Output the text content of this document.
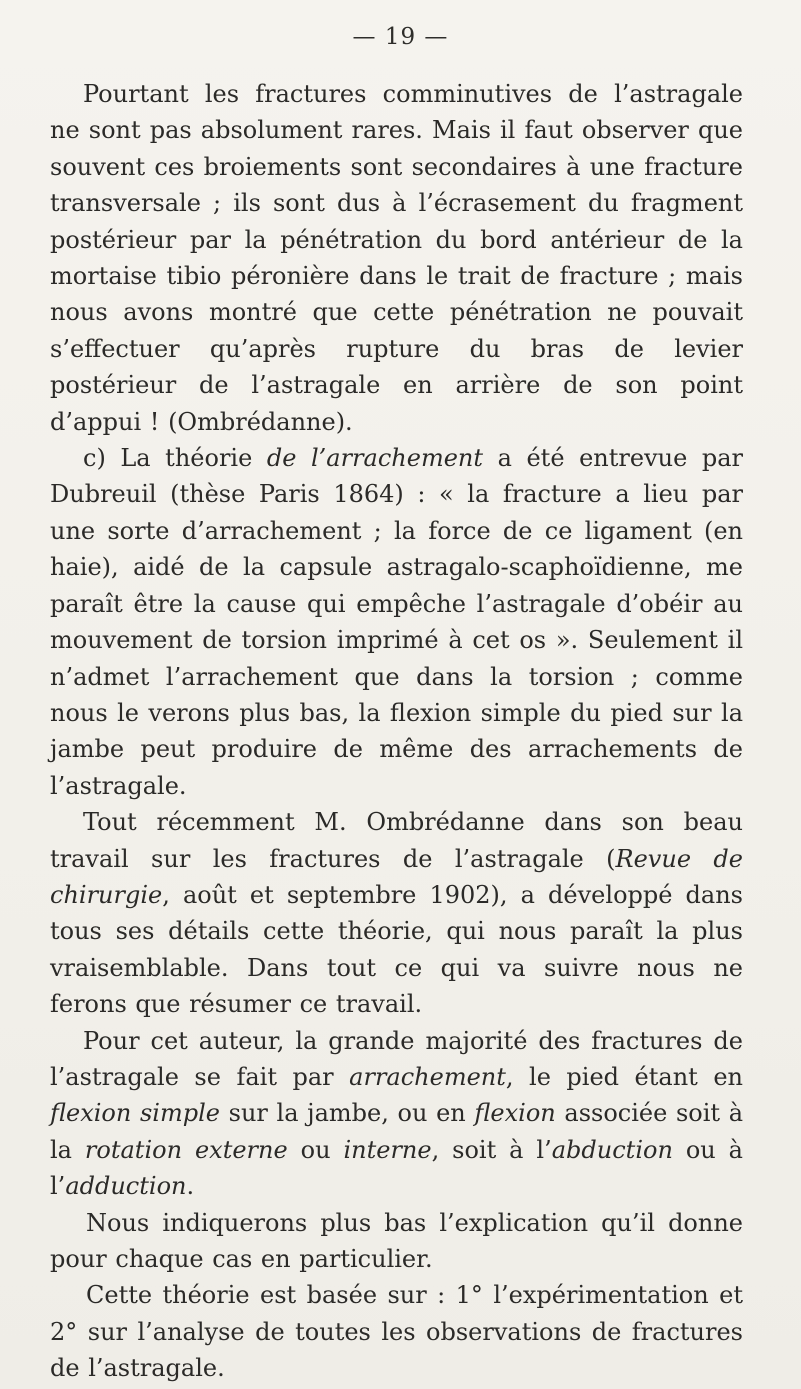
— 19 —

Pourtant les fractures comminutives de l’astragale ne sont pas absolument rares. Mais il faut observer que souvent ces broiements sont secondaires à une fracture transversale ; ils sont dus à l’écrasement du fragment postérieur par la pénétration du bord antérieur de la mortaise tibio péronière dans le trait de fracture ; mais nous avons montré que cette pénétration ne pouvait s’effectuer qu’après rupture du bras de levier postérieur de l’astragale en arrière de son point d’appui ! (Ombrédanne).

c) La théorie de l’arrachement a été entrevue par Dubreuil (thèse Paris 1864) : « la fracture a lieu par une sorte d’arrachement ; la force de ce ligament (en haie), aidé de la capsule astragalo-scaphoïdienne, me paraît être la cause qui empêche l’astragale d’obéir au mouvement de torsion imprimé à cet os ». Seulement il n’admet l’arrachement que dans la torsion ; comme nous le verons plus bas, la flexion simple du pied sur la jambe peut produire de même des arrachements de l’astragale.

Tout récemment M. Ombrédanne dans son beau travail sur les fractures de l’astragale (Revue de chirurgie, août et septembre 1902), a développé dans tous ses détails cette théorie, qui nous paraît la plus vraisemblable. Dans tout ce qui va suivre nous ne ferons que résumer ce travail.

Pour cet auteur, la grande majorité des fractures de l’astragale se fait par arrachement, le pied étant en flexion simple sur la jambe, ou en flexion associée soit à la rotation externe ou interne, soit à l’abduction ou à l’adduction.

Nous indiquerons plus bas l’explication qu’il donne pour chaque cas en particulier.

Cette théorie est basée sur : 1° l’expérimentation et 2° sur l’analyse de toutes les observations de fractures de l’astragale.
